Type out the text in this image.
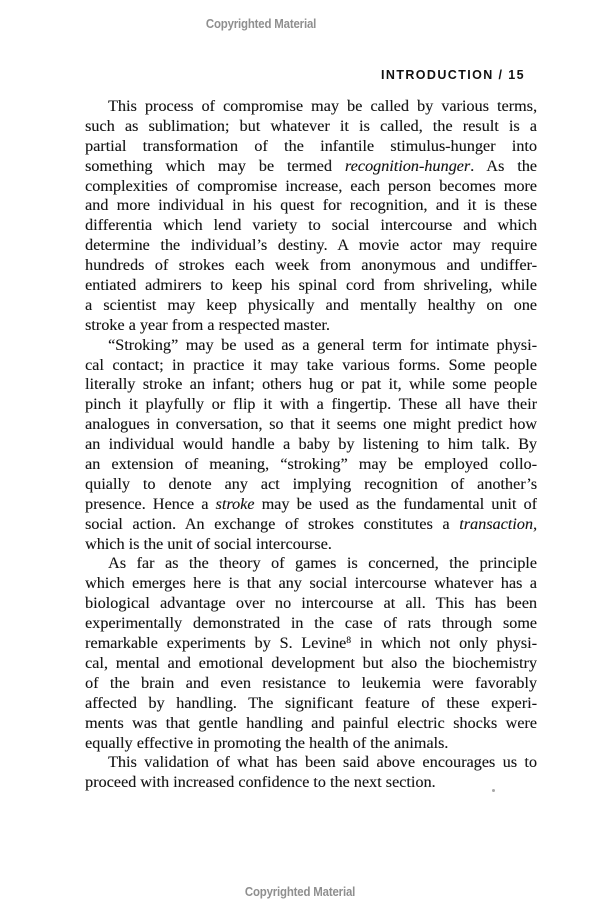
Copyrighted Material
INTRODUCTION / 15
This process of compromise may be called by various terms,
such as sublimation; but whatever it is called, the result is a
partial transformation of the infantile stimulus-hunger into
something which may be termed recognition-hunger. As the
complexities of compromise increase, each person becomes more
and more individual in his quest for recognition, and it is these
differentia which lend variety to social intercourse and which
determine the individual’s destiny. A movie actor may require
hundreds of strokes each week from anonymous and undiffer-
entiated admirers to keep his spinal cord from shriveling, while
a scientist may keep physically and mentally healthy on one
stroke a year from a respected master.
“Stroking” may be used as a general term for intimate physi-
cal contact; in practice it may take various forms. Some people
literally stroke an infant; others hug or pat it, while some people
pinch it playfully or flip it with a fingertip. These all have their
analogues in conversation, so that it seems one might predict how
an individual would handle a baby by listening to him talk. By
an extension of meaning, “stroking” may be employed collo-
quially to denote any act implying recognition of another’s
presence. Hence a stroke may be used as the fundamental unit of
social action. An exchange of strokes constitutes a transaction,
which is the unit of social intercourse.
As far as the theory of games is concerned, the principle
which emerges here is that any social intercourse whatever has a
biological advantage over no intercourse at all. This has been
experimentally demonstrated in the case of rats through some
remarkable experiments by S. Levine$^8$ in which not only physi-
cal, mental and emotional development but also the biochemistry
of the brain and even resistance to leukemia were favorably
affected by handling. The significant feature of these experi-
ments was that gentle handling and painful electric shocks were
equally effective in promoting the health of the animals.
This validation of what has been said above encourages us to
proceed with increased confidence to the next section.
Copyrighted Material
